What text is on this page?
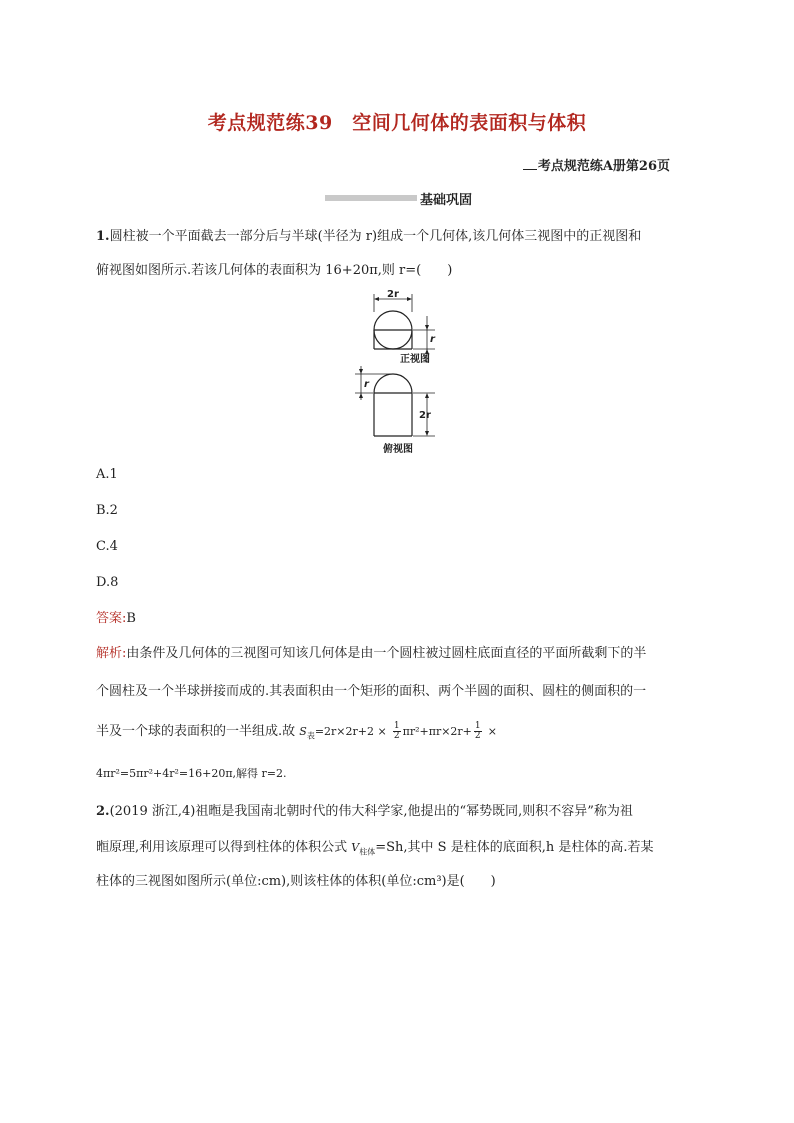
考点规范练39　空间几何体的表面积与体积
考点规范练A册第26页
基础巩固
1.圆柱被一个平面截去一部分后与半球(半径为 r)组成一个几何体,该几何体三视图中的正视图和
俯视图如图所示.若该几何体的表面积为 16+20π,则 r=(　　)
2r
r
正视图
r
2r
俯视图
A.1
B.2
C.4
D.8
答案:B
解析:由条件及几何体的三视图可知该几何体是由一个圆柱被过圆柱底面直径的平面所截剩下的半
个圆柱及一个半球拼接而成的.其表面积由一个矩形的面积、两个半圆的面积、圆柱的侧面积的一
半及一个球的表面积的一半组成.故 $S_表=2r\times 2r+2 \times \frac{1}{2} \pi r^2+\pi r\times 2r+ \frac{1}{2}$ ×
4πr²=5πr²+4r²=16+20π,解得 r=2.
2.(2019 浙江,4)祖暅是我国南北朝时代的伟大科学家,他提出的“幂势既同,则积不容异”称为祖
暅原理,利用该原理可以得到柱体的体积公式 $V_{柱体}=Sh$,其中 S 是柱体的底面积,h 是柱体的高.若某
柱体的三视图如图所示(单位:cm),则该柱体的体积(单位:cm³)是(　　)
